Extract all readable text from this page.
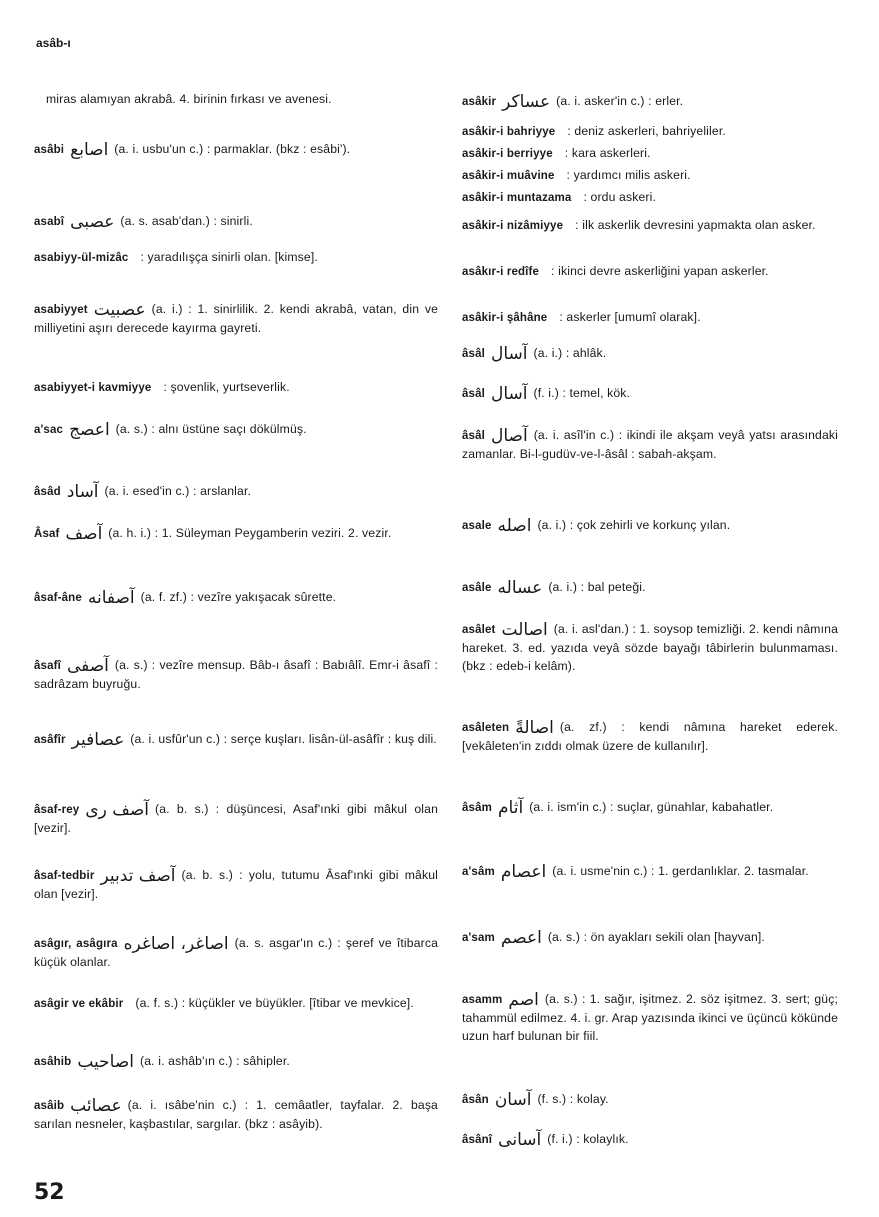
asâb-ı
miras alamıyan akrabâ. 4. birinin fırkası ve avenesi.
asâbi اصابع (a. i. usbu'un c.) : parmaklar. (bkz : esâbi').
asabî عصبى (a. s. asab'dan.) : sinirli.
asabiyy-ül-mizâc : yaradılışça sinirli olan. [kimse].
asabiyyet عصبيت (a. i.) : 1. sinirlilik. 2. kendi akrabâ, vatan, din ve milliyetini aşırı derecede kayırma gayreti.
asabiyyet-i kavmiyye : şovenlik, yurtseverlik.
a'sac اعصج (a. s.) : alnı üstüne saçı dökülmüş.
âsâd آساد (a. i. esed'in c.) : arslanlar.
Âsaf آصف (a. h. i.) : 1. Süleyman Peygamberin veziri. 2. vezir.
âsaf-âne آصفانه (a. f. zf.) : vezîre yakışacak sûrette.
âsafî آصفى (a. s.) : vezîre mensup. Bâb-ı âsafî : Babıâlî. Emr-i âsafî : sadrâzam buyruğu.
asâfîr عصافير (a. i. usfûr'un c.) : serçe kuşları. lisân-ül-asâfîr : kuş dili.
âsaf-rey آصف رى (a. b. s.) : düşüncesi, Asaf'ınki gibi mâkul olan [vezir].
âsaf-tedbir آصف تدبير (a. b. s.) : yolu, tutumu Âsaf'ınki gibi mâkul olan [vezir].
asâgır, asâgıra اصاغر، اصاغره (a. s. asgar'ın c.) : şeref ve îtibarca küçük olanlar.
asâgir ve ekâbir (a. f. s.) : küçükler ve büyükler. [îtibar ve mevkice].
asâhib اصاحيب (a. i. ashâb'ın c.) : sâhipler.
asâib عصائب (a. i. ısâbe'nin c.) : 1. cemâatler, tayfalar. 2. başa sarılan nesneler, kaşbastılar, sargılar. (bkz : asâyib).
asâkir عساكر (a. i. asker'in c.) : erler.
asâkir-i bahriyye : deniz askerleri, bahriyeliler.
asâkir-i berriyye : kara askerleri.
asâkir-i muâvine : yardımcı milis askeri.
asâkir-i muntazama : ordu askeri.
asâkir-i nizâmiyye : ilk askerlik devresini yapmakta olan asker.
asâkır-i redîfe : ikinci devre askerliğini yapan askerler.
asâkir-i şâhâne : askerler [umumî olarak].
âsâl آسال (a. i.) : ahlâk.
âsâl آسال (f. i.) : temel, kök.
âsâl آصال (a. i. asîl'in c.) : ikindi ile akşam veyâ yatsı arasındaki zamanlar. Bi-l-gudüv-ve-l-âsâl : sabah-akşam.
asale اصله (a. i.) : çok zehirli ve korkunç yılan.
asâle عساله (a. i.) : bal peteği.
asâlet اصالت (a. i. asl'dan.) : 1. soysop temizliği. 2. kendi nâmına hareket. 3. ed. yazıda veyâ sözde bayağı tâbirlerin bulunmaması. (bkz : edeb-i kelâm).
asâleten اصالةً (a. zf.) : kendi nâmına hareket ederek. [vekâleten'in zıddı olmak üzere de kullanılır].
âsâm آثام (a. i. ism'in c.) : suçlar, günahlar, kabahatler.
a'sâm اعصام (a. i. usme'nin c.) : 1. gerdanlıklar. 2. tasmalar.
a'sam اعصم (a. s.) : ön ayakları sekili olan [hayvan].
asamm اصم (a. s.) : 1. sağır, işitmez. 2. söz işitmez. 3. sert; güç; tahammül edilmez. 4. i. gr. Arap yazısında ikinci ve üçüncü kökünde uzun harf bulunan bir fiil.
âsân آسان (f. s.) : kolay.
âsânî آسانى (f. i.) : kolaylık.
52
